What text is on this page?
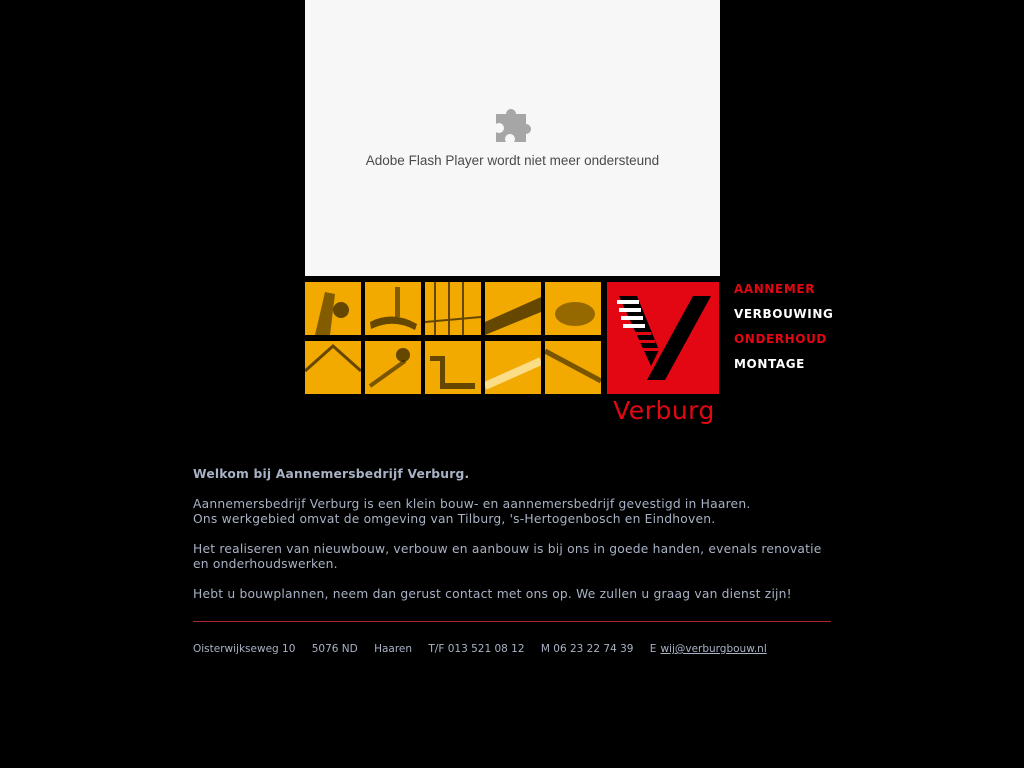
Adobe Flash Player wordt niet meer ondersteund
Verburg
AANNEMER
VERBOUWING
ONDERHOUD
MONTAGE

Welkom bij Aannemersbedrijf Verburg.

Aannemersbedrijf Verburg is een klein bouw- en aannemersbedrijf gevestigd in Haaren.
Ons werkgebied omvat de omgeving van Tilburg, 's-Hertogenbosch en Eindhoven.

Het realiseren van nieuwbouw, verbouw en aanbouw is bij ons in goede handen, evenals renovatie en onderhoudswerken.

Hebt u bouwplannen, neem dan gerust contact met ons op. We zullen u graag van dienst zijn!

Oisterwijkseweg 10 5076 ND Haaren T/F 013 521 08 12 M 06 23 22 74 39 E wij@verburgbouw.nl
